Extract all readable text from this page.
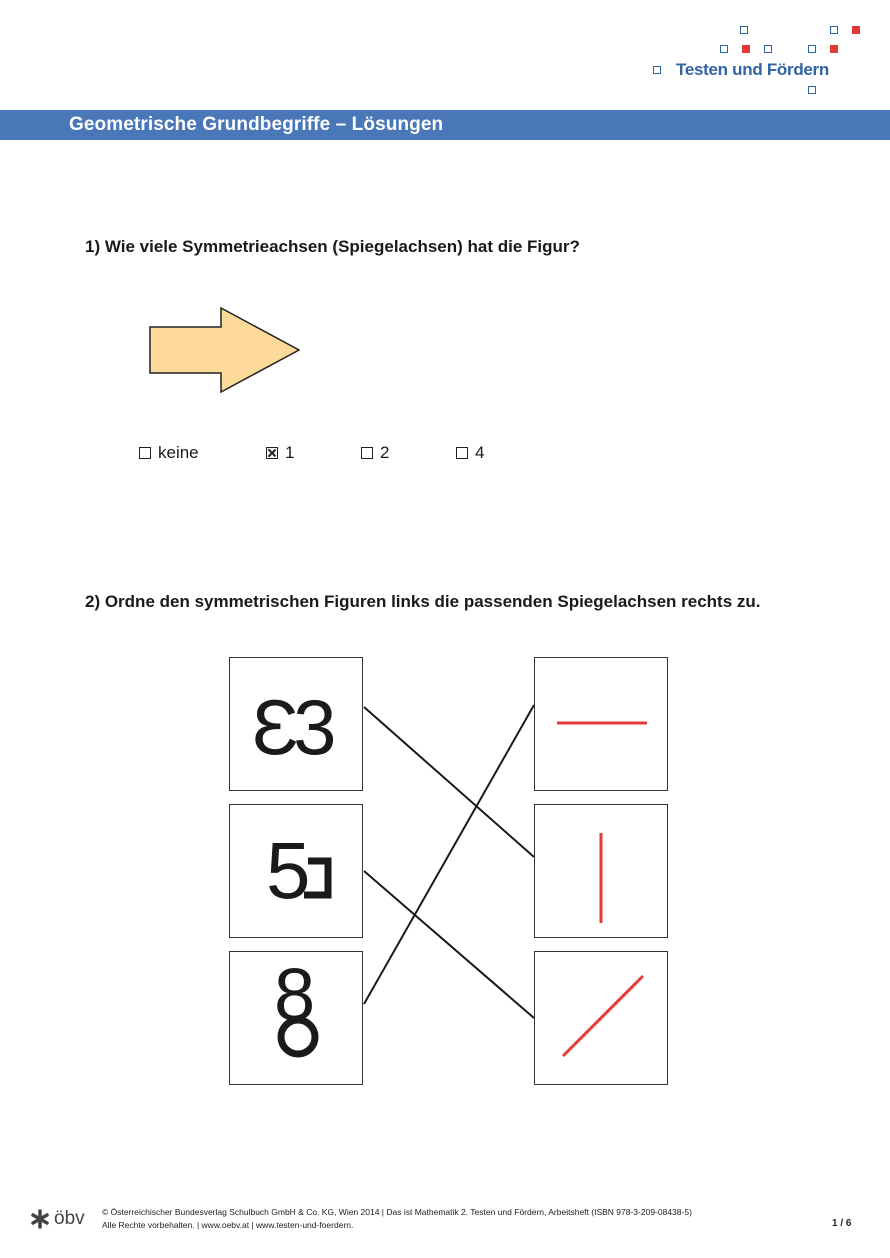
Testen und Fördern
Geometrische Grundbegriffe – Lösungen
1) Wie viele Symmetrieachsen (Spiegelachsen) hat die Figur?
keine	1	2	4
2) Ordne den symmetrischen Figuren links die passenden Spiegelachsen rechts zu.
Ɛ3
5
8
öbv © Österreichischer Bundesverlag Schulbuch GmbH & Co. KG, Wien 2014 | Das ist Mathematik 2. Testen und Fördern, Arbeitsheft (ISBN 978-3-209-08438-5)
Alle Rechte vorbehalten. | www.oebv.at | www.testen-und-foerdern.	1 / 6
